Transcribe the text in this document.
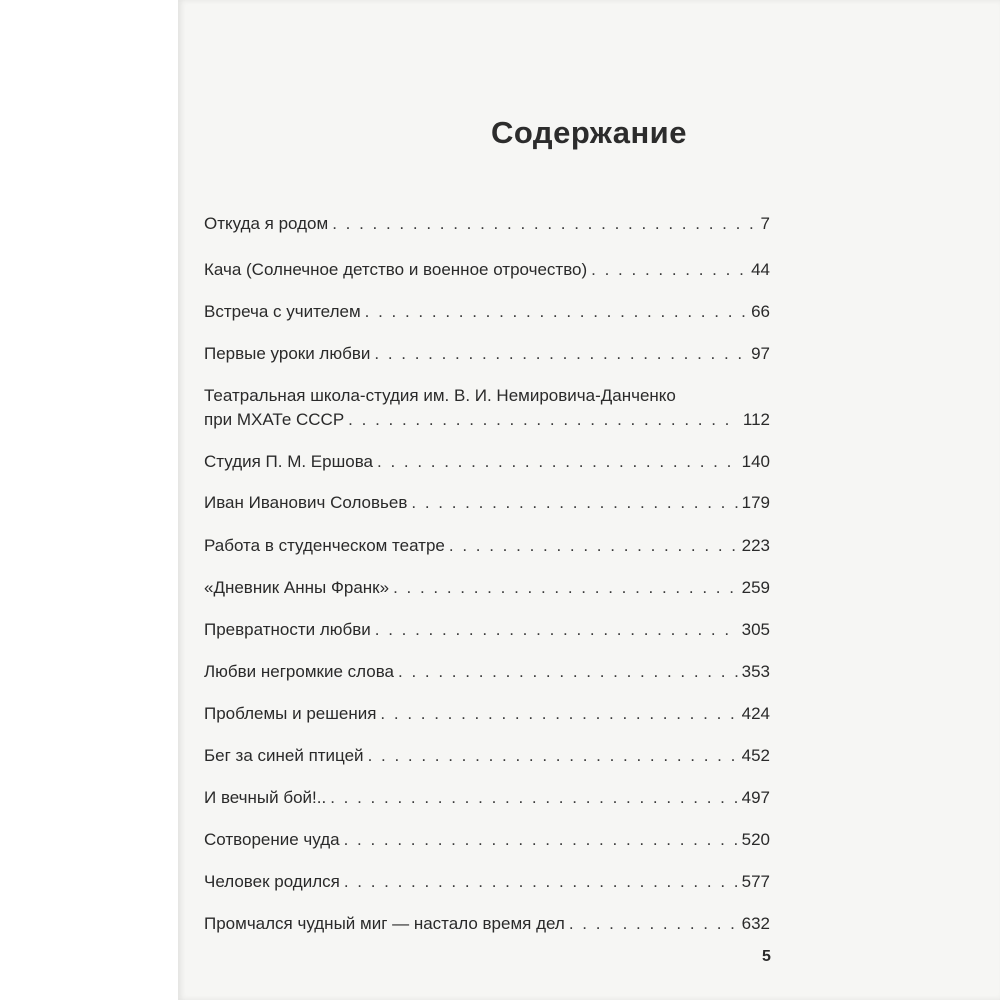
Содержание
Откуда я родом . . .	7
Кача (Солнечное детство и военное отрочество) . . .	44
Встреча с учителем . . .	66
Первые уроки любви . . .	97
Театральная школа-студия им. В. И. Немировича-Данченко
при МХАТе СССР . . .	112
Студия П. М. Ершова . . .	140
Иван Иванович Соловьев . . .	179
Работа в студенческом театре . . .	223
«Дневник Анны Франк» . . .	259
Превратности любви . . .	305
Любви негромкие слова . . .	353
Проблемы и решения . . .	424
Бег за синей птицей . . .	452
И вечный бой!.. . . .	497
Сотворение чуда . . .	520
Человек родился . . .	577
Промчался чудный миг — настало время дел . . .	632
5
